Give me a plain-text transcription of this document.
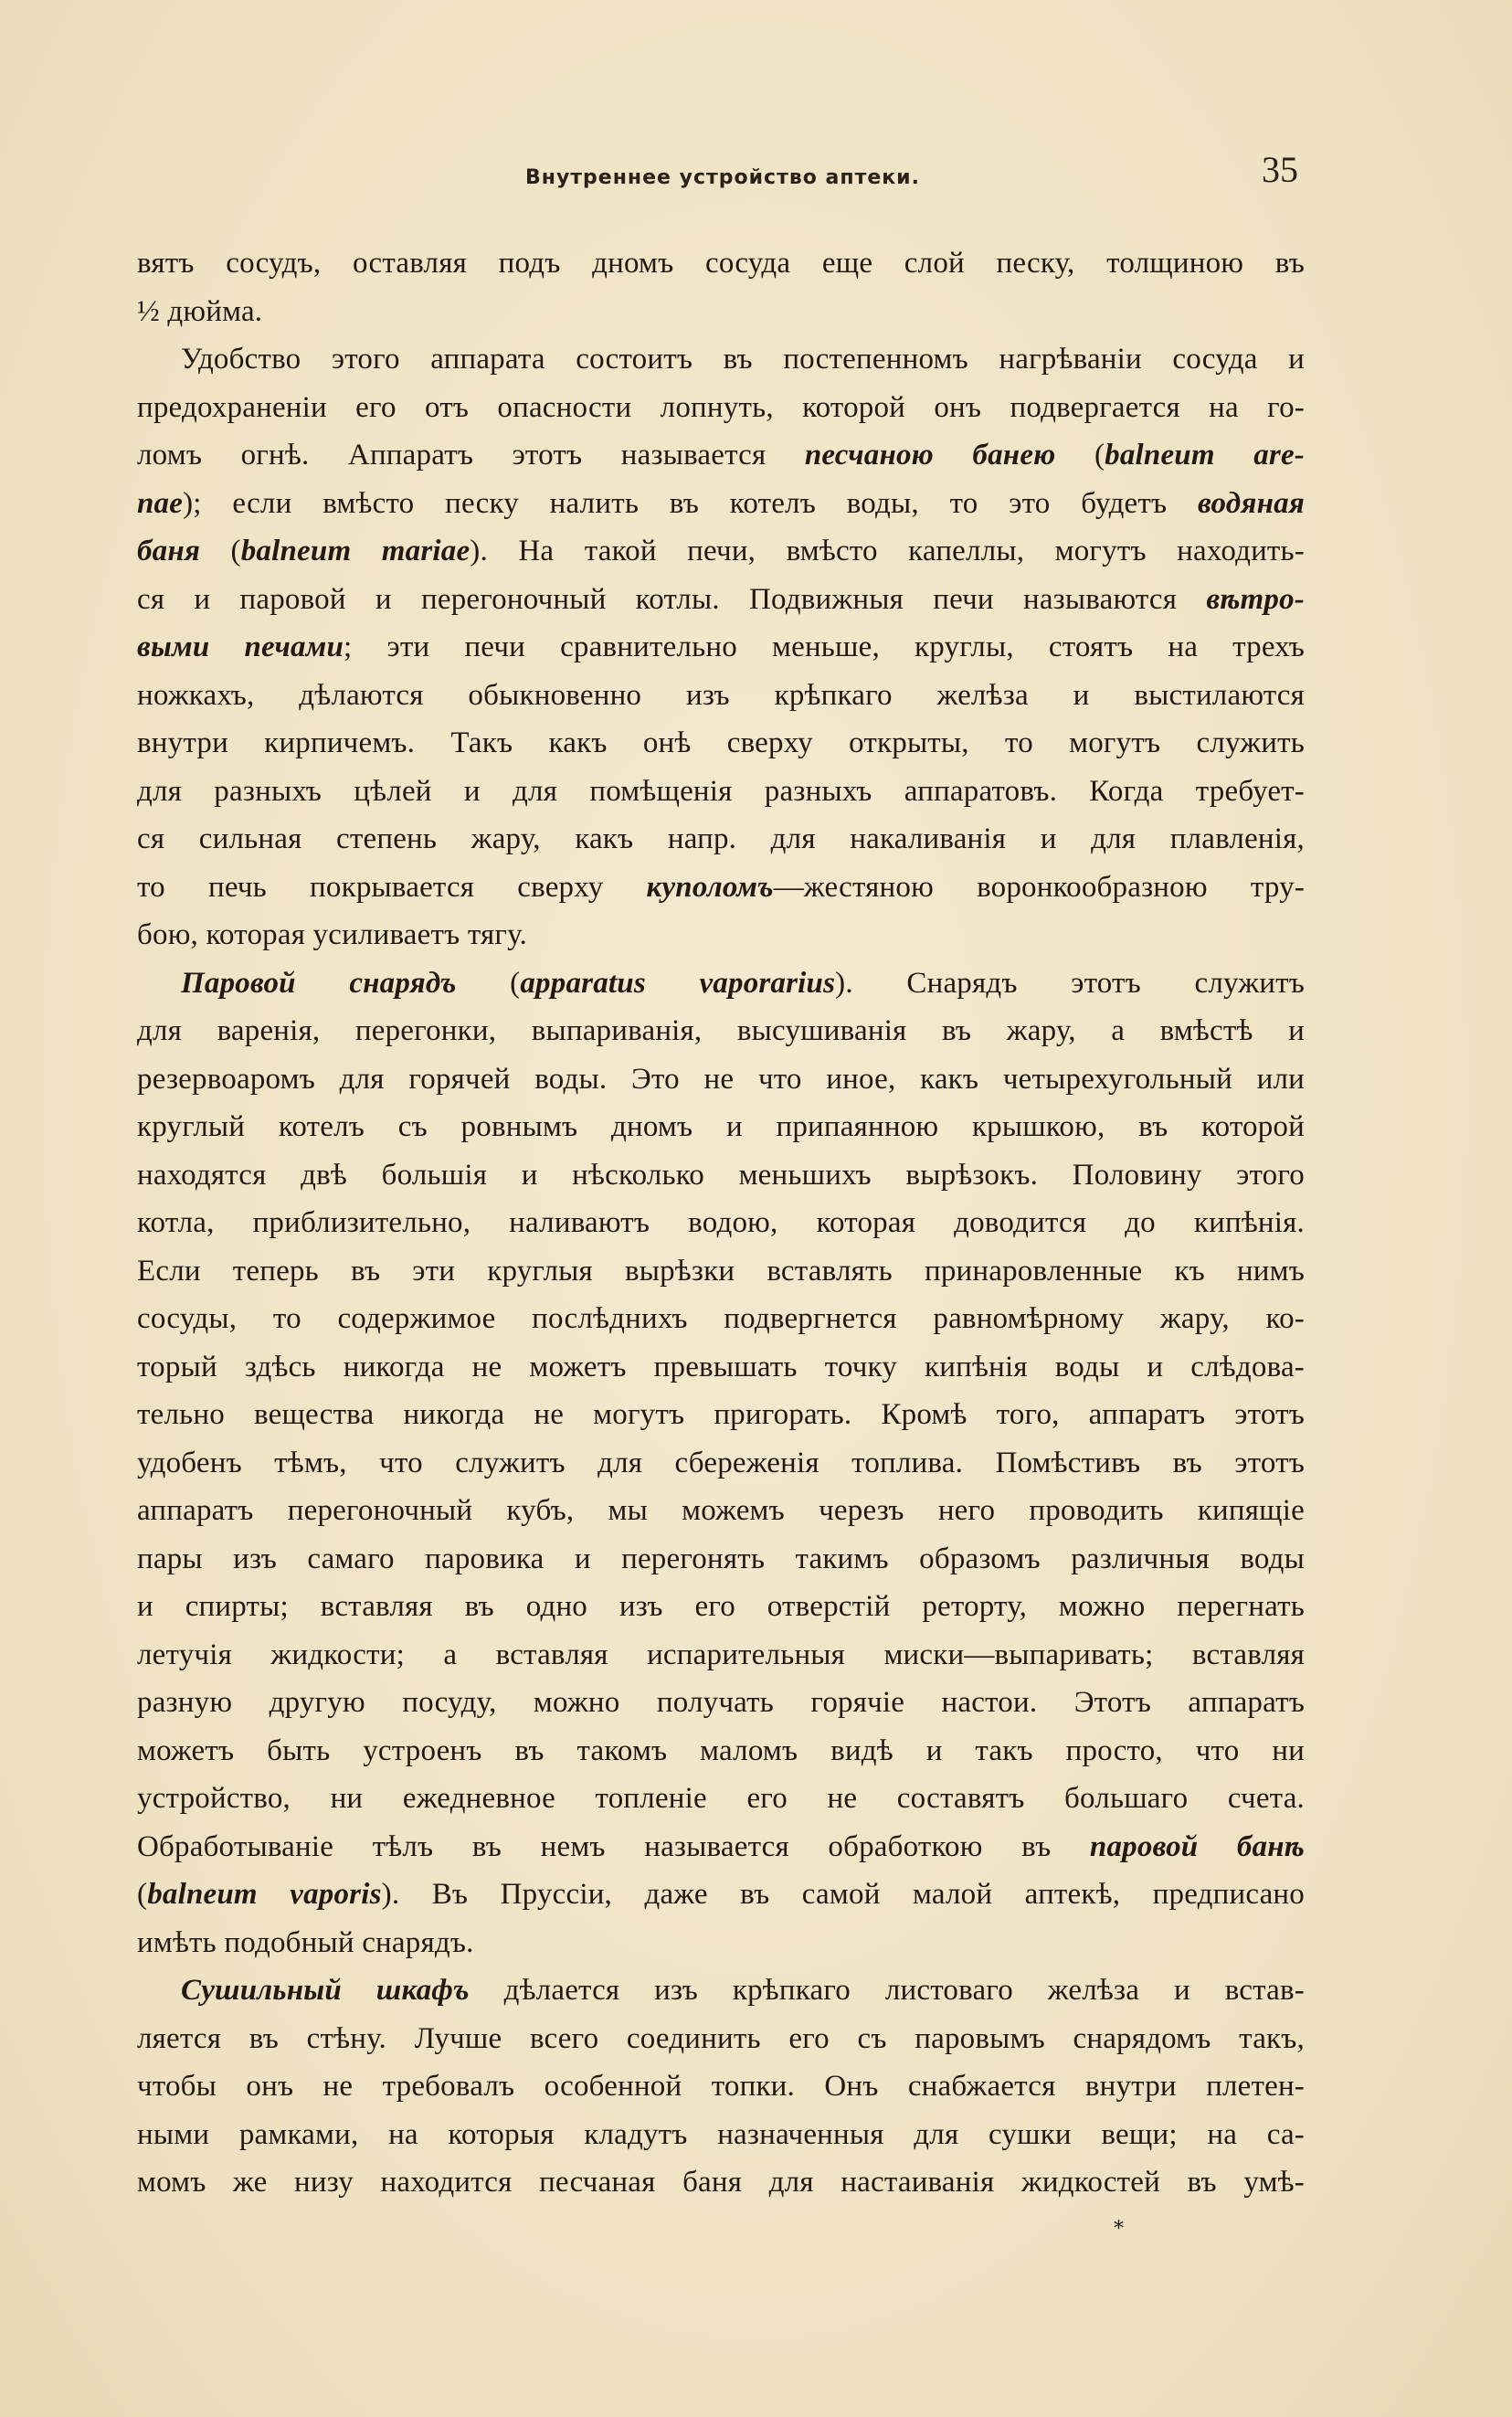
Внутреннее устройство аптеки.	35
вятъ сосудъ, оставляя подъ дномъ сосуда еще слой песку, толщиною въ
½ дюйма.
Удобство этого аппарата состоитъ въ постепенномъ нагрѣваніи сосуда и
предохраненіи его отъ опасности лопнуть, которой онъ подвергается на го-
ломъ огнѣ. Аппаратъ этотъ называется песчаною банею (balneum are-
nae); если вмѣсто песку налить въ котелъ воды, то это будетъ водяная
баня (balneum mariae). На такой печи, вмѣсто капеллы, могутъ находить-
ся и паровой и перегоночный котлы. Подвижныя печи называются вѣтро-
выми печами; эти печи сравнительно меньше, круглы, стоятъ на трехъ
ножкахъ, дѣлаются обыкновенно изъ крѣпкаго желѣза и выстилаются
внутри кирпичемъ. Такъ какъ онѣ сверху открыты, то могутъ служить
для разныхъ цѣлей и для помѣщенія разныхъ аппаратовъ. Когда требует-
ся сильная степень жару, какъ напр. для накаливанія и для плавленія,
то печь покрывается сверху куполомъ—жестяною воронкообразною тру-
бою, которая усиливаетъ тягу.
Паровой снарядъ (apparatus vaporarius). Снарядъ этотъ служитъ
для варенія, перегонки, выпариванія, высушиванія въ жару, а вмѣстѣ и
резервоаромъ для горячей воды. Это не что иное, какъ четырехугольный или
круглый котелъ съ ровнымъ дномъ и припаянною крышкою, въ которой
находятся двѣ большія и нѣсколько меньшихъ вырѣзокъ. Половину этого
котла, приблизительно, наливаютъ водою, которая доводится до кипѣнія.
Если теперь въ эти круглыя вырѣзки вставлять принаровленные къ нимъ
сосуды, то содержимое послѣднихъ подвергнется равномѣрному жару, ко-
торый здѣсь никогда не можетъ превышать точку кипѣнія воды и слѣдова-
тельно вещества никогда не могутъ пригорать. Кромѣ того, аппаратъ этотъ
удобенъ тѣмъ, что служитъ для сбереженія топлива. Помѣстивъ въ этотъ
аппаратъ перегоночный кубъ, мы можемъ черезъ него проводить кипящіе
пары изъ самаго паровика и перегонять такимъ образомъ различныя воды
и спирты; вставляя въ одно изъ его отверстій реторту, можно перегнать
летучія жидкости; а вставляя испарительныя миски—выпаривать; вставляя
разную другую посуду, можно получать горячіе настои. Этотъ аппаратъ
можетъ быть устроенъ въ такомъ маломъ видѣ и такъ просто, что ни
устройство, ни ежедневное топленіе его не составятъ большаго счета.
Обработываніе тѣлъ въ немъ называется обработкою въ паровой банѣ
(balneum vaporis). Въ Пруссіи, даже въ самой малой аптекѣ, предписано
имѣть подобный снарядъ.
Сушильный шкафъ дѣлается изъ крѣпкаго листоваго желѣза и встав-
ляется въ стѣну. Лучше всего соединить его съ паровымъ снарядомъ такъ,
чтобы онъ не требовалъ особенной топки. Онъ снабжается внутри плетен-
ными рамками, на которыя кладутъ назначенныя для сушки вещи; на са-
момъ же низу находится песчаная баня для настаиванія жидкостей въ умѣ-
*
